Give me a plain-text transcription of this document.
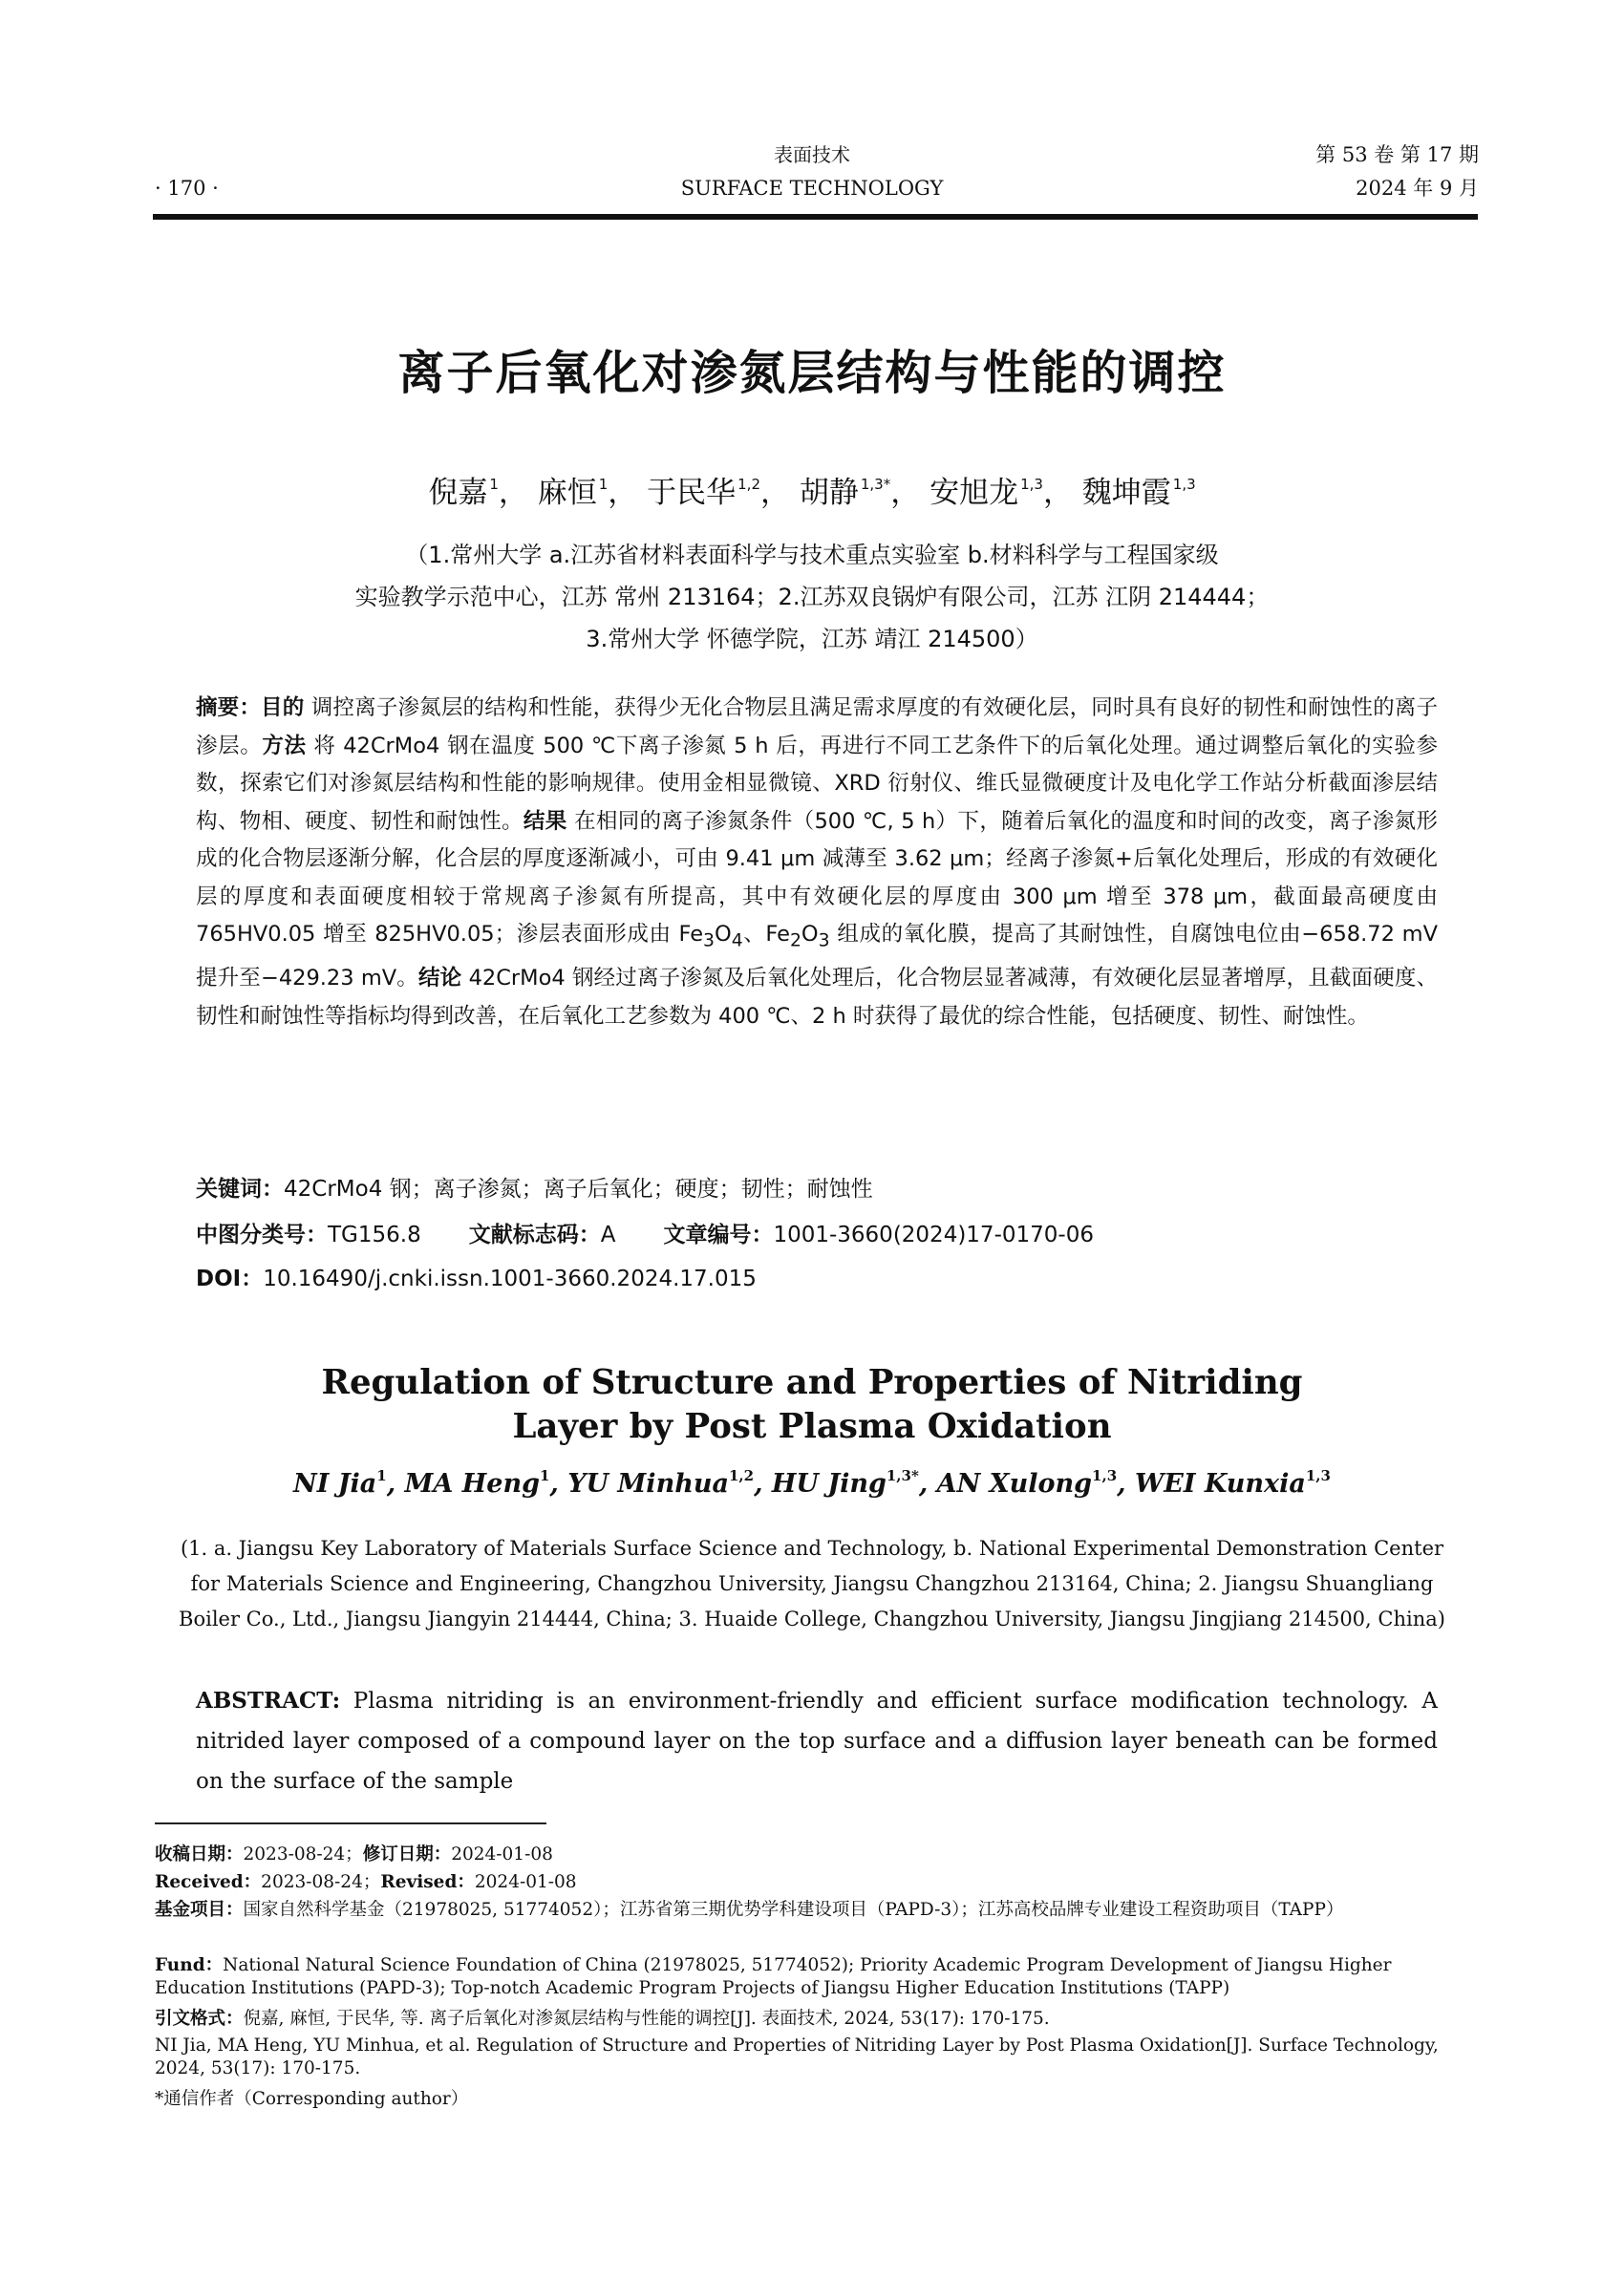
· 170 ·
表面技术
SURFACE TECHNOLOGY
第 53 卷 第 17 期
2024 年 9 月
离子后氧化对渗氮层结构与性能的调控
倪嘉 $^1$， 麻恒 $^1$， 于民华 $^{1,2}$， 胡静 $^{1,3*}$， 安旭龙 $^{1,3}$， 魏坤霞 $^{1,3}$
（1.常州大学 a.江苏省材料表面科学与技术重点实验室 b.材料科学与工程国家级
实验教学示范中心，江苏 常州 213164；2.江苏双良锅炉有限公司，江苏 江阴 214444；
3.常州大学 怀德学院，江苏 靖江 214500）
摘要：目的 调控离子渗氮层的结构和性能，获得少无化合物层且满足需求厚度的有效硬化层，同时具有良好的韧性和耐蚀性的离子渗层。方法 将 42CrMo4 钢在温度 500 ℃下离子渗氮 5 h 后，再进行不同工艺条件下的后氧化处理。通过调整后氧化的实验参数，探索它们对渗氮层结构和性能的影响规律。使用金相显微镜、XRD 衍射仪、维氏显微硬度计及电化学工作站分析截面渗层结构、物相、硬度、韧性和耐蚀性。结果 在相同的离子渗氮条件（500 ℃, 5 h）下，随着后氧化的温度和时间的改变，离子渗氮形成的化合物层逐渐分解，化合层的厚度逐渐减小，可由 9.41 μm 减薄至 3.62 μm；经离子渗氮+后氧化处理后，形成的有效硬化层的厚度和表面硬度相较于常规离子渗氮有所提高，其中有效硬化层的厚度由 300 μm 增至 378 μm，截面最高硬度由 765HV0.05 增至 825HV0.05；渗层表面形成由 $Fe_3O_4$、$Fe_2O_3$ 组成的氧化膜，提高了其耐蚀性，自腐蚀电位由−658.72 mV 提升至−429.23 mV。结论 42CrMo4 钢经过离子渗氮及后氧化处理后，化合物层显著减薄，有效硬化层显著增厚，且截面硬度、韧性和耐蚀性等指标均得到改善，在后氧化工艺参数为 400 ℃、2 h 时获得了最优的综合性能，包括硬度、韧性、耐蚀性。
关键词：42CrMo4 钢；离子渗氮；离子后氧化；硬度；韧性；耐蚀性
中图分类号：TG156.8 文献标志码：A 文章编号：1001-3660(2024)17-0170-06
DOI：10.16490/j.cnki.issn.1001-3660.2024.17.015
Regulation of Structure and Properties of Nitriding
Layer by Post Plasma Oxidation
NI Jia$^1$, MA Heng$^1$, YU Minhua$^{1,2}$, HU Jing$^{1,3*}$, AN Xulong$^{1,3}$, WEI Kunxia$^{1,3}$
(1. a. Jiangsu Key Laboratory of Materials Surface Science and Technology, b. National Experimental Demonstration Center for Materials Science and Engineering, Changzhou University, Jiangsu Changzhou 213164, China; 2. Jiangsu Shuangliang Boiler Co., Ltd., Jiangsu Jiangyin 214444, China; 3. Huaide College, Changzhou University, Jiangsu Jingjiang 214500, China)
ABSTRACT: Plasma nitriding is an environment-friendly and efficient surface modification technology. A nitrided layer composed of a compound layer on the top surface and a diffusion layer beneath can be formed on the surface of the sample
收稿日期：2023-08-24；修订日期：2024-01-08
Received：2023-08-24；Revised：2024-01-08
基金项目：国家自然科学基金（21978025, 51774052）；江苏省第三期优势学科建设项目（PAPD-3）；江苏高校品牌专业建设工程资助项目（TAPP）
Fund：National Natural Science Foundation of China (21978025, 51774052); Priority Academic Program Development of Jiangsu Higher Education Institutions (PAPD-3); Top-notch Academic Program Projects of Jiangsu Higher Education Institutions (TAPP)
引文格式：倪嘉, 麻恒, 于民华, 等. 离子后氧化对渗氮层结构与性能的调控[J]. 表面技术, 2024, 53(17): 170-175.
NI Jia, MA Heng, YU Minhua, et al. Regulation of Structure and Properties of Nitriding Layer by Post Plasma Oxidation[J]. Surface Technology, 2024, 53(17): 170-175.
*通信作者（Corresponding author）
